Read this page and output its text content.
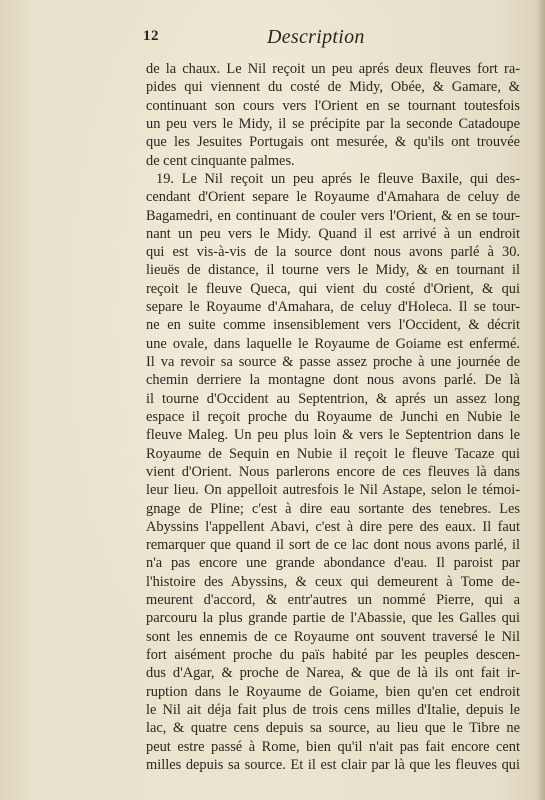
12	Description
de la chaux. Le Nil reçoit un peu aprés deux fleuves fort ra-
pides qui viennent du costé de Midy, Obée, & Gamare, &
continuant son cours vers l'Orient en se tournant toutesfois
un peu vers le Midy, il se précipite par la seconde Catadoupe
que les Jesuites Portugais ont mesurée, & qu'ils ont trouvée
de cent cinquante palmes.
19. Le Nil reçoit un peu aprés le fleuve Baxile, qui des-
cendant d'Orient separe le Royaume d'Amahara de celuy de
Bagamedri, en continuant de couler vers l'Orient, & en se tour-
nant un peu vers le Midy. Quand il est arrivé à un endroit
qui est vis-à-vis de la source dont nous avons parlé à 30.
lieuës de distance, il tourne vers le Midy, & en tournant il
reçoit le fleuve Queca, qui vient du costé d'Orient, & qui
separe le Royaume d'Amahara, de celuy d'Holeca. Il se tour-
ne en suite comme insensiblement vers l'Occident, & décrit
une ovale, dans laquelle le Royaume de Goiame est enfermé.
Il va revoir sa source & passe assez proche à une journée de
chemin derriere la montagne dont nous avons parlé. De là
il tourne d'Occident au Septentrion, & aprés un assez long
espace il reçoit proche du Royaume de Junchi en Nubie le
fleuve Maleg. Un peu plus loin & vers le Septentrion dans le
Royaume de Sequin en Nubie il reçoit le fleuve Tacaze qui
vient d'Orient. Nous parlerons encore de ces fleuves là dans
leur lieu. On appelloit autresfois le Nil Astape, selon le témoi-
gnage de Pline; c'est à dire eau sortante des tenebres. Les
Abyssins l'appellent Abavi, c'est à dire pere des eaux. Il faut
remarquer que quand il sort de ce lac dont nous avons parlé, il
n'a pas encore une grande abondance d'eau. Il paroist par
l'histoire des Abyssins, & ceux qui demeurent à Tome de-
meurent d'accord, & entr'autres un nommé Pierre, qui a
parcouru la plus grande partie de l'Abassie, que les Galles qui
sont les ennemis de ce Royaume ont souvent traversé le Nil
fort aisément proche du païs habité par les peuples descen-
dus d'Agar, & proche de Narea, & que de là ils ont fait ir-
ruption dans le Royaume de Goiame, bien qu'en cet endroit
le Nil ait déja fait plus de trois cens milles d'Italie, depuis le
lac, & quatre cens depuis sa source, au lieu que le Tibre ne
peut estre passé à Rome, bien qu'il n'ait pas fait encore cent
milles depuis sa source. Et il est clair par là que les fleuves qui
